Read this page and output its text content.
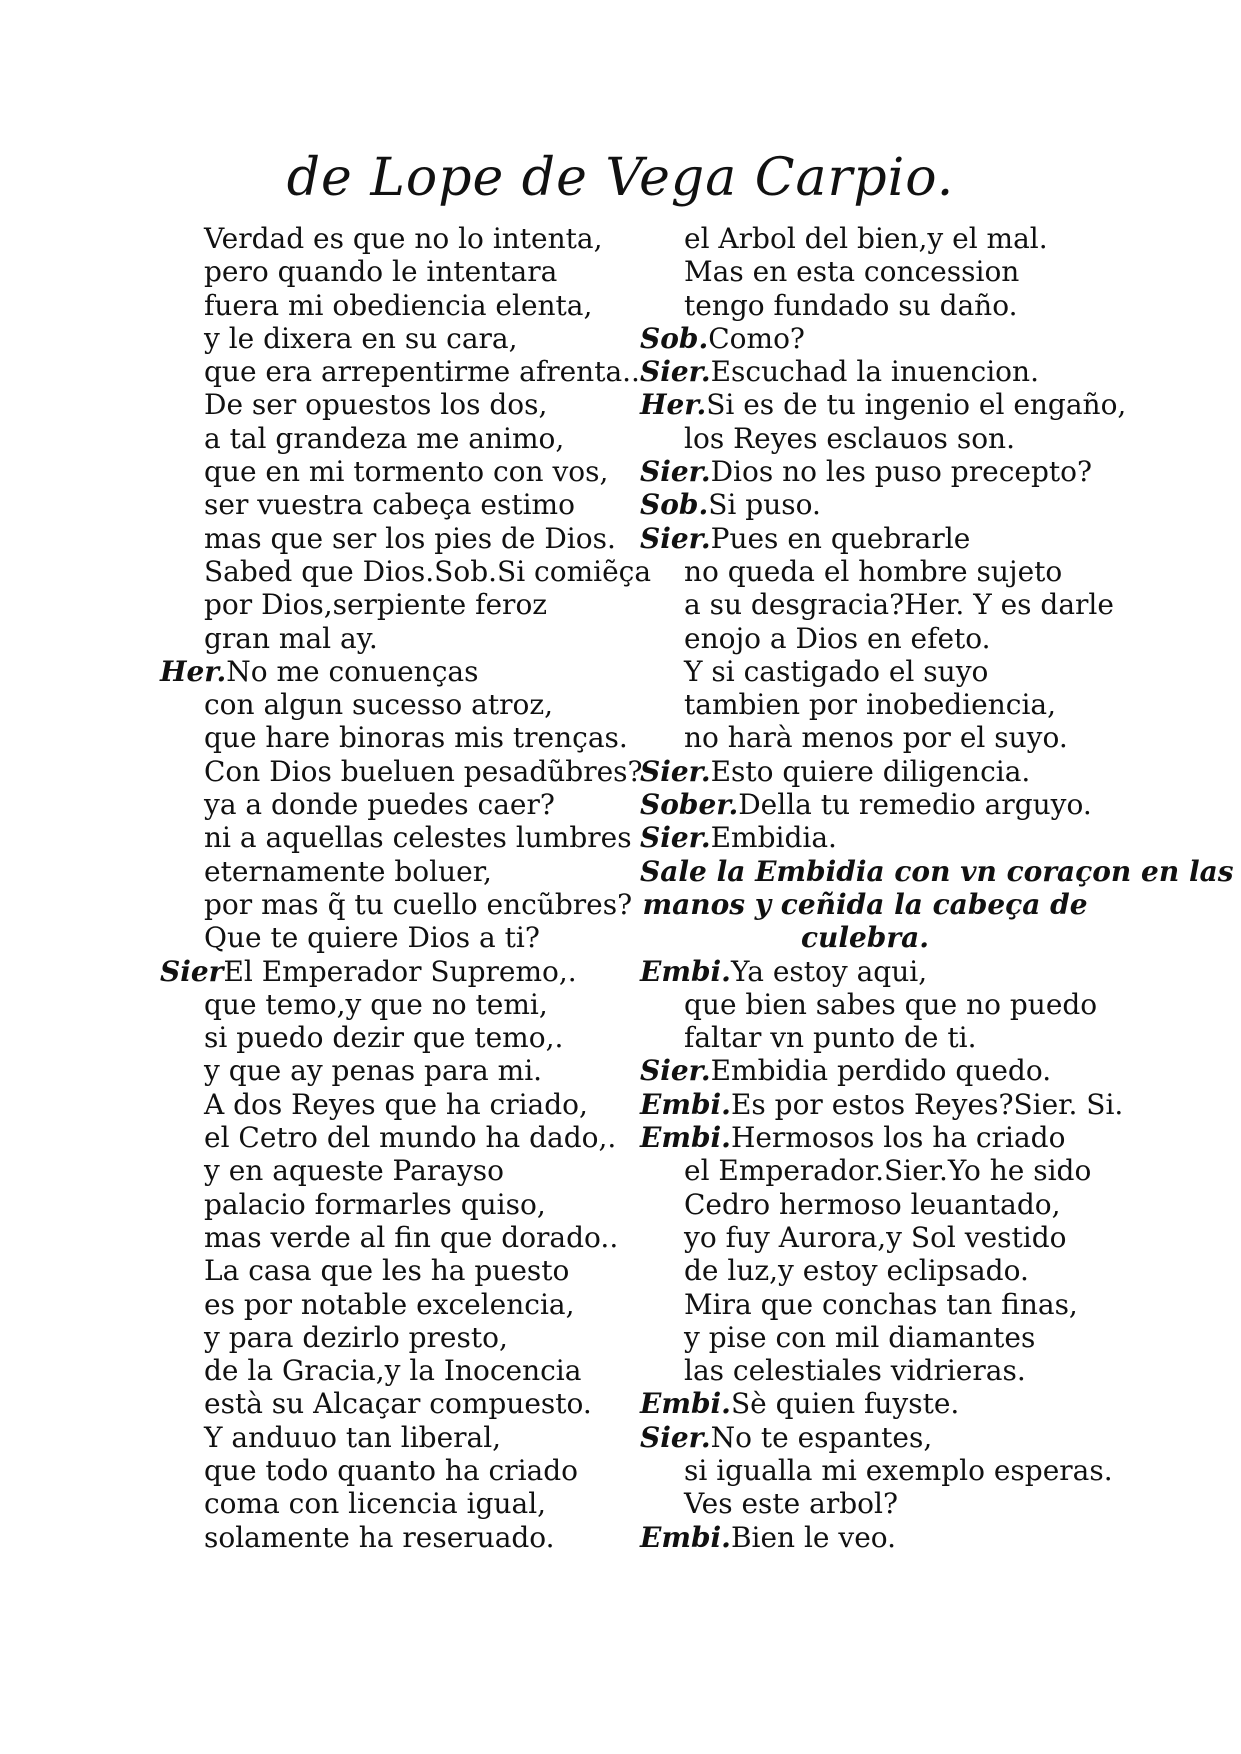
de Lope de Vega Carpio.
Verdad es que no lo intenta,
pero quando le intentara
fuera mi obediencia elenta,
y le dixera en su cara,
que era arrepentirme afrenta..
De ser opuestos los dos,
a tal grandeza me animo,
que en mi tormento con vos,
ser vuestra cabeça estimo
mas que ser los pies de Dios.
Sabed que Dios.Sob.Si comiẽça
por Dios,serpiente feroz
gran mal ay.
Her.No me conuenças
con algun sucesso atroz,
que hare binoras mis trenças.
Con Dios bueluen pesadũbres?
ya a donde puedes caer?
ni a aquellas celestes lumbres
eternamente boluer,
por mas q̃ tu cuello encũbres?
Que te quiere Dios a ti?
SierEl Emperador Supremo,.
que temo,y que no temi,
si puedo dezir que temo,.
y que ay penas para mi.
A dos Reyes que ha criado,
el Cetro del mundo ha dado,.
y en aqueste Parayso
palacio formarles quiso,
mas verde al fin que dorado..
La casa que les ha puesto
es por notable excelencia,
y para dezirlo presto,
de la Gracia,y la Inocencia
està su Alcaçar compuesto.
Y anduuo tan liberal,
que todo quanto ha criado
coma con licencia igual,
solamente ha reseruado.
el Arbol del bien,y el mal.
Mas en esta concession
tengo fundado su daño.
Sob.Como?
Sier.Escuchad la inuencion.
Her.Si es de tu ingenio el engaño,
los Reyes esclauos son.
Sier.Dios no les puso precepto?
Sob.Si puso.
Sier.Pues en quebrarle
no queda el hombre sujeto
a su desgracia?Her. Y es darle
enojo a Dios en efeto.
Y si castigado el suyo
tambien por inobediencia,
no harà menos por el suyo.
Sier.Esto quiere diligencia.
Sober.Della tu remedio arguyo.
Sier.Embidia.
Sale la Embidia con vn coraçon en las
manos y ceñida la cabeça de
culebra.
Embi.Ya estoy aqui,
que bien sabes que no puedo
faltar vn punto de ti.
Sier.Embidia perdido quedo.
Embi.Es por estos Reyes?Sier. Si.
Embi.Hermosos los ha criado
el Emperador.Sier.Yo he sido
Cedro hermoso leuantado,
yo fuy Aurora,y Sol vestido
de luz,y estoy eclipsado.
Mira que conchas tan finas,
y pise con mil diamantes
las celestiales vidrieras.
Embi.Sè quien fuyste.
Sier.No te espantes,
si igualla mi exemplo esperas.
Ves este arbol?
Embi.Bien le veo.
